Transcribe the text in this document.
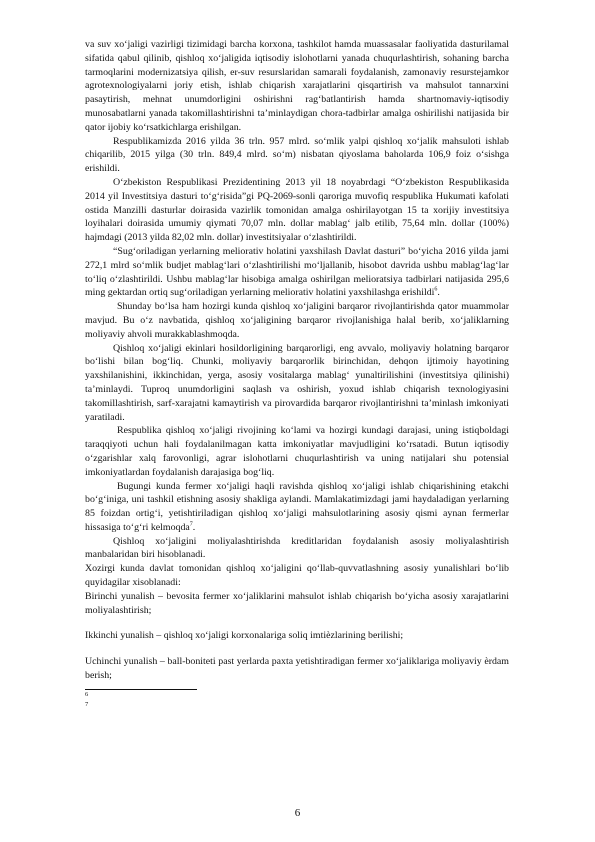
va suv xo‘jaligi vazirligi tizimidagi barcha korxona, tashkilot hamda muassasalar faoliyatida dasturilamal sifatida qabul qilinib, qishloq xo‘jaligida iqtisodiy islohotlarni yanada chuqurlashtirish, sohaning barcha tarmoqlarini modernizatsiya qilish, er-suv resurslaridan samarali foydalanish, zamonaviy resurstejamkor agrotexnologiyalarni joriy etish, ishlab chiqarish xarajatlarini qisqartirish va mahsulot tannarxini pasaytirish, mehnat unumdorligini oshirishni rag‘batlantirish hamda shartnomaviy-iqtisodiy munosabatlarni yanada takomillashtirishni ta’minlaydigan chora-tadbirlar amalga oshirilishi natijasida bir qator ijobiy ko‘rsatkichlarga erishilgan.

Respublikamizda 2016 yilda 36 trln. 957 mlrd. so‘mlik yalpi qishloq xo‘jalik mahsuloti ishlab chiqarilib, 2015 yilga (30 trln. 849,4 mlrd. so‘m) nisbatan qiyoslama baholarda 106,9 foiz o‘sishga erishildi.

O‘zbekiston Respublikasi Prezidentining 2013 yil 18 noyabrdagi “O‘zbekiston Respublikasida 2014 yil Investitsiya dasturi to‘g‘risida”gi PQ-2069-sonli qaroriga muvofiq respublika Hukumati kafolati ostida Manzilli dasturlar doirasida vazirlik tomonidan amalga oshirilayotgan 15 ta xorijiy investitsiya loyihalari doirasida umumiy qiymati 70,07 mln. dollar mablag‘ jalb etilib, 75,64 mln. dollar (100%) hajmdagi (2013 yilda 82,02 mln. dollar) investitsiyalar o‘zlashtirildi.

“Sug‘oriladigan yerlarning meliorativ holatini yaxshilash Davlat dasturi” bo‘yicha 2016 yilda jami 272,1 mlrd so‘mlik budjet mablag‘lari o‘zlashtirilishi mo‘ljallanib, hisobot davrida ushbu mablag‘lag‘lar to‘liq o‘zlashtirildi. Ushbu mablag‘lar hisobiga amalga oshirilgan melioratsiya tadbirlari natijasida 295,6 ming gektardan ortiq sug‘oriladigan yerlarning meliorativ holatini yaxshilashga erishildi$^6$.

Shunday bo‘lsa ham hozirgi kunda qishloq xo‘jaligini barqaror rivojlantirishda qator muammolar mavjud. Bu o‘z navbatida, qishloq xo‘jaligining barqaror rivojlanishiga halal berib, xo‘jaliklarning moliyaviy ahvoli murakkablashmoqda.

Qishloq xo‘jaligi ekinlari hosildorligining barqarorligi, eng avvalo, moliyaviy holatning barqaror bo‘lishi bilan bog‘liq. Chunki, moliyaviy barqarorlik birinchidan, dehqon ijtimoiy hayotining yaxshilanishini, ikkinchidan, yerga, asosiy vositalarga mablag‘ yunaltirilishini (investitsiya qilinishi) ta’minlaydi. Tuproq unumdorligini saqlash va oshirish, yoxud ishlab chiqarish texnologiyasini takomillashtirish, sarf-xarajatni kamaytirish va pirovardida barqaror rivojlantirishni ta’minlash imkoniyati yaratiladi.

Respublika qishloq xo‘jaligi rivojining ko‘lami va hozirgi kundagi darajasi, uning istiqboldagi taraqqiyoti uchun hali foydalanilmagan katta imkoniyatlar mavjudligini ko‘rsatadi. Butun iqtisodiy o‘zgarishlar xalq farovonligi, agrar islohotlarni chuqurlashtirish va uning natijalari shu potensial imkoniyatlardan foydalanish darajasiga bog‘liq.

Bugungi kunda fermer xo‘jaligi haqli ravishda qishloq xo‘jaligi ishlab chiqarishining etakchi bo‘g‘iniga, uni tashkil etishning asosiy shakliga aylandi. Mamlakatimizdagi jami haydaladigan yerlarning 85 foizdan ortig‘i, yetishtiriladigan qishloq xo‘jaligi mahsulotlarining asosiy qismi aynan fermerlar hissasiga to‘g‘ri kelmoqda$^7$.

Qishloq xo‘jaligini moliyalashtirishda kreditlaridan foydalanish asosiy moliyalashtirish manbalaridan biri hisoblanadi.

Xozirgi kunda davlat tomonidan qishloq xo‘jaligini qo‘llab-quvvatlashning asosiy yunalishlari bo‘lib quyidagilar xisoblanadi:

Birinchi yunalish – bevosita fermer xo‘jaliklarini mahsulot ishlab chiqarish bo‘yicha asosiy xarajatlarini moliyalashtirish;

Ikkinchi yunalish – qishloq xo‘jaligi korxonalariga soliq imtiѐzlarining berilishi;

Uchinchi yunalish – ball-boniteti past yerlarda paxta yetishtiradigan fermer xo‘jaliklariga moliyaviy ѐrdam berish;

6
7
6
